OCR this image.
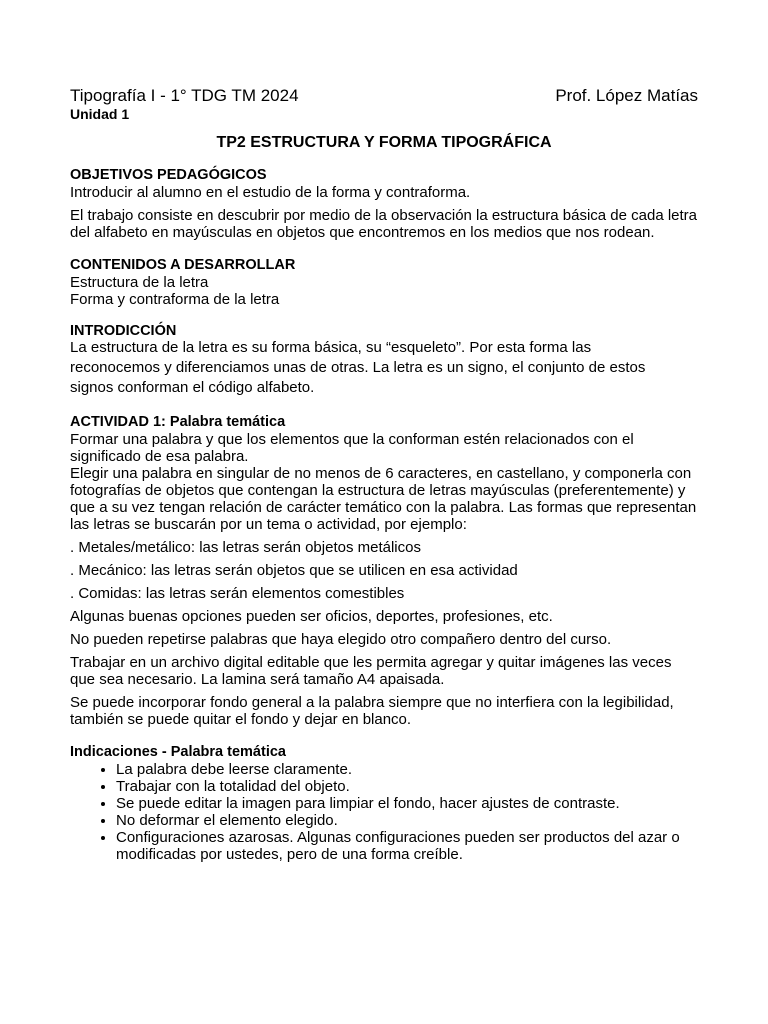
Tipografía I - 1° TDG TM 2024	Prof. López Matías
Unidad 1
TP2 ESTRUCTURA Y FORMA TIPOGRÁFICA
OBJETIVOS PEDAGÓGICOS

Introducir al alumno en el estudio de la forma y contraforma.

El trabajo consiste en descubrir por medio de la observación la estructura básica de cada letra del alfabeto en mayúsculas en objetos que encontremos en los medios que nos rodean.

CONTENIDOS A DESARROLLAR

Estructura de la letra

Forma y contraforma de la letra

INTRODICCIÓN

La estructura de la letra es su forma básica, su “esqueleto”. Por esta forma las

reconocemos y diferenciamos unas de otras. La letra es un signo, el conjunto de estos

signos conforman el código alfabeto.

ACTIVIDAD 1: Palabra temática

Formar una palabra y que los elementos que la conforman estén relacionados con el significado de esa palabra.

Elegir una palabra en singular de no menos de 6 caracteres, en castellano, y componerla con fotografías de objetos que contengan la estructura de letras mayúsculas (preferentemente) y que a su vez tengan relación de carácter temático con la palabra. Las formas que representan las letras se buscarán por un tema o actividad, por ejemplo:

. Metales/metálico: las letras serán objetos metálicos

. Mecánico: las letras serán objetos que se utilicen en esa actividad

. Comidas: las letras serán elementos comestibles

Algunas buenas opciones pueden ser oficios, deportes, profesiones, etc.

No pueden repetirse palabras que haya elegido otro compañero dentro del curso.

Trabajar en un archivo digital editable que les permita agregar y quitar imágenes las veces que sea necesario. La lamina será tamaño A4 apaisada.

Se puede incorporar fondo general a la palabra siempre que no interfiera con la legibilidad, también se puede quitar el fondo y dejar en blanco.

Indicaciones - Palabra temática
• La palabra debe leerse claramente.
• Trabajar con la totalidad del objeto.
• Se puede editar la imagen para limpiar el fondo, hacer ajustes de contraste.
• No deformar el elemento elegido.
• Configuraciones azarosas. Algunas configuraciones pueden ser productos del azar o modificadas por ustedes, pero de una forma creíble.
